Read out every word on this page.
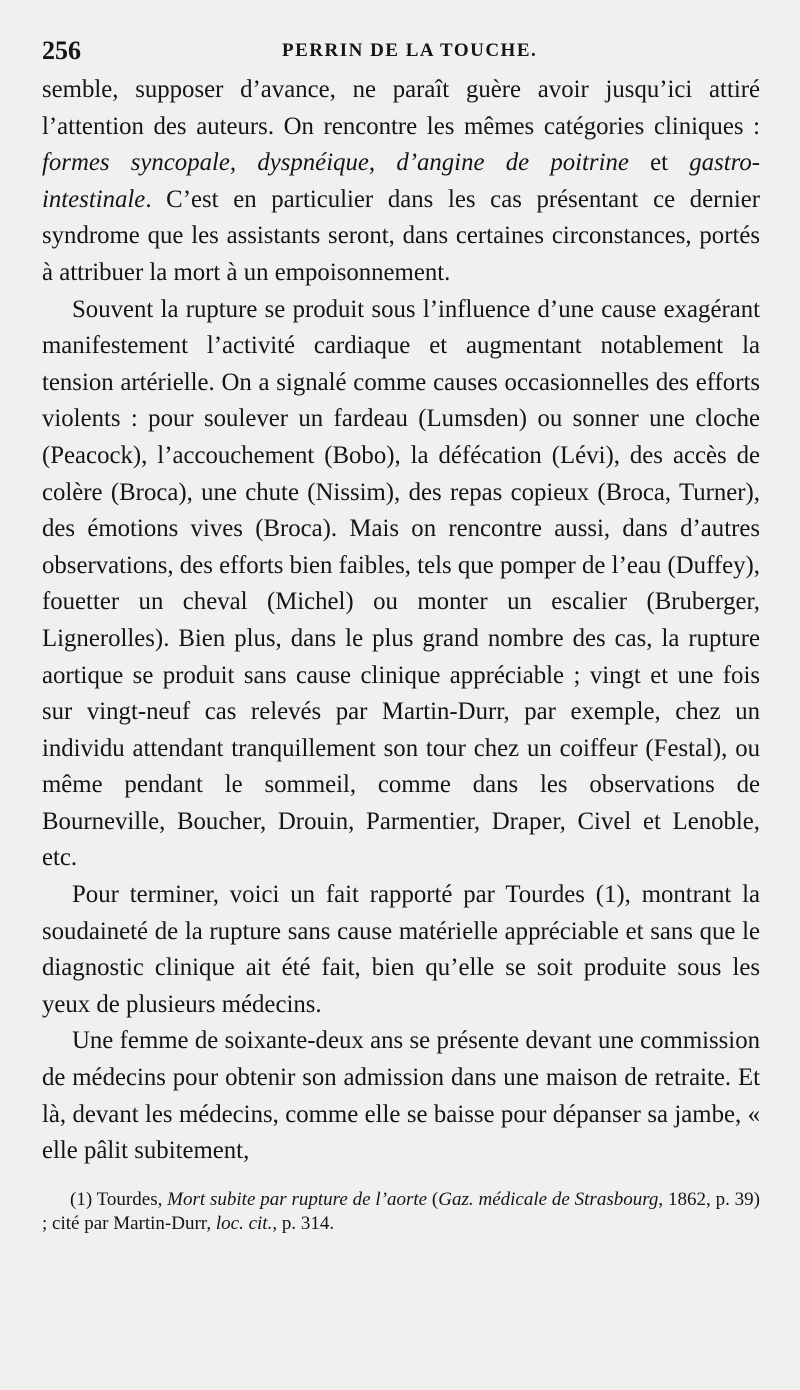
256	PERRIN DE LA TOUCHE.

semble, supposer d’avance, ne paraît guère avoir jusqu’ici attiré l’attention des auteurs. On rencontre les mêmes catégories cliniques : formes syncopale, dyspnéique, d’angine de poitrine et gastro-intestinale. C’est en particulier dans les cas présentant ce dernier syndrome que les assistants seront, dans certaines circonstances, portés à attribuer la mort à un empoisonnement.

Souvent la rupture se produit sous l’influence d’une cause exagérant manifestement l’activité cardiaque et augmentant notablement la tension artérielle. On a signalé comme causes occasionnelles des efforts violents : pour soulever un fardeau (Lumsden) ou sonner une cloche (Peacock), l’accouchement (Bobo), la défécation (Lévi), des accès de colère (Broca), une chute (Nissim), des repas copieux (Broca, Turner), des émotions vives (Broca). Mais on rencontre aussi, dans d’autres observations, des efforts bien faibles, tels que pomper de l’eau (Duffey), fouetter un cheval (Michel) ou monter un escalier (Bruberger, Lignerolles). Bien plus, dans le plus grand nombre des cas, la rupture aortique se produit sans cause clinique appréciable ; vingt et une fois sur vingt-neuf cas relevés par Martin-Durr, par exemple, chez un individu attendant tranquillement son tour chez un coiffeur (Festal), ou même pendant le sommeil, comme dans les observations de Bourneville, Boucher, Drouin, Parmentier, Draper, Civel et Lenoble, etc.

Pour terminer, voici un fait rapporté par Tourdes (1), montrant la soudaineté de la rupture sans cause matérielle appréciable et sans que le diagnostic clinique ait été fait, bien qu’elle se soit produite sous les yeux de plusieurs médecins.

Une femme de soixante-deux ans se présente devant une commission de médecins pour obtenir son admission dans une maison de retraite. Et là, devant les médecins, comme elle se baisse pour dépanser sa jambe, « elle pâlit subitement,

(1) Tourdes, Mort subite par rupture de l’aorte (Gaz. médicale de Strasbourg, 1862, p. 39) ; cité par Martin-Durr, loc. cit., p. 314.
